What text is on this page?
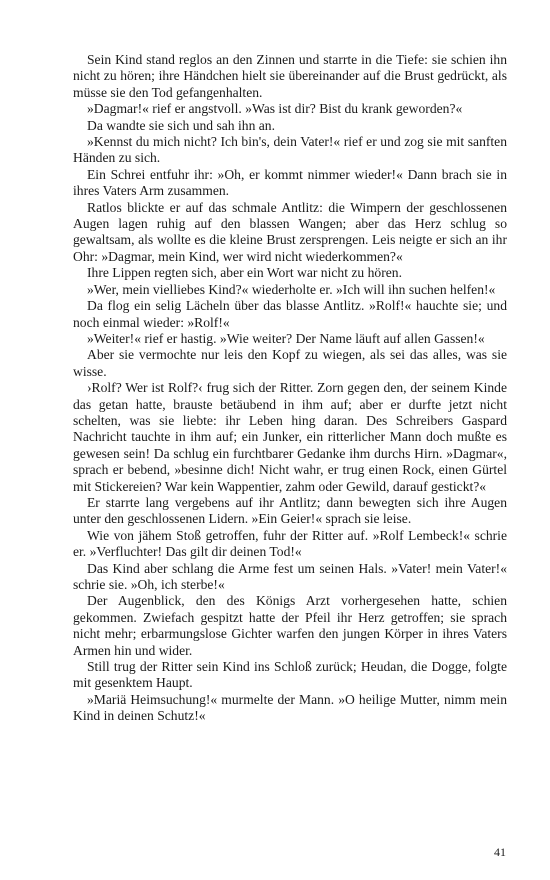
Sein Kind stand reglos an den Zinnen und starrte in die Tiefe: sie schien ihn nicht zu hören; ihre Händchen hielt sie übereinander auf die Brust gedrückt, als müsse sie den Tod gefangenhalten.

»Dagmar!« rief er angstvoll. »Was ist dir? Bist du krank geworden?«

Da wandte sie sich und sah ihn an.

»Kennst du mich nicht? Ich bin's, dein Vater!« rief er und zog sie mit sanften Händen zu sich.

Ein Schrei entfuhr ihr: »Oh, er kommt nimmer wieder!« Dann brach sie in ihres Vaters Arm zusammen.

Ratlos blickte er auf das schmale Antlitz: die Wimpern der geschlossenen Augen lagen ruhig auf den blassen Wangen; aber das Herz schlug so gewaltsam, als wollte es die kleine Brust zersprengen. Leis neigte er sich an ihr Ohr: »Dagmar, mein Kind, wer wird nicht wiederkommen?«

Ihre Lippen regten sich, aber ein Wort war nicht zu hören.

»Wer, mein vielliebes Kind?« wiederholte er. »Ich will ihn suchen helfen!«

Da flog ein selig Lächeln über das blasse Antlitz. »Rolf!« hauchte sie; und noch einmal wieder: »Rolf!«

»Weiter!« rief er hastig. »Wie weiter? Der Name läuft auf allen Gassen!«

Aber sie vermochte nur leis den Kopf zu wiegen, als sei das alles, was sie wisse.

›Rolf? Wer ist Rolf?‹ frug sich der Ritter. Zorn gegen den, der seinem Kinde das getan hatte, brauste betäubend in ihm auf; aber er durfte jetzt nicht schelten, was sie liebte: ihr Leben hing daran. Des Schreibers Gaspard Nachricht tauchte in ihm auf; ein Junker, ein ritterlicher Mann doch mußte es gewesen sein! Da schlug ein furchtbarer Gedanke ihm durchs Hirn. »Dagmar«, sprach er bebend, »besinne dich! Nicht wahr, er trug einen Rock, einen Gürtel mit Stickereien? War kein Wappentier, zahm oder Gewild, darauf gestickt?«

Er starrte lang vergebens auf ihr Antlitz; dann bewegten sich ihre Augen unter den geschlossenen Lidern. »Ein Geier!« sprach sie leise.

Wie von jähem Stoß getroffen, fuhr der Ritter auf. »Rolf Lembeck!« schrie er. »Verfluchter! Das gilt dir deinen Tod!«

Das Kind aber schlang die Arme fest um seinen Hals. »Vater! mein Vater!« schrie sie. »Oh, ich sterbe!«

Der Augenblick, den des Königs Arzt vorhergesehen hatte, schien gekommen. Zwiefach gespitzt hatte der Pfeil ihr Herz getroffen; sie sprach nicht mehr; erbarmungslose Gichter warfen den jungen Körper in ihres Vaters Armen hin und wider.

Still trug der Ritter sein Kind ins Schloß zurück; Heudan, die Dogge, folgte mit gesenktem Haupt.

»Mariä Heimsuchung!« murmelte der Mann. »O heilige Mutter, nimm mein Kind in deinen Schutz!«

41
